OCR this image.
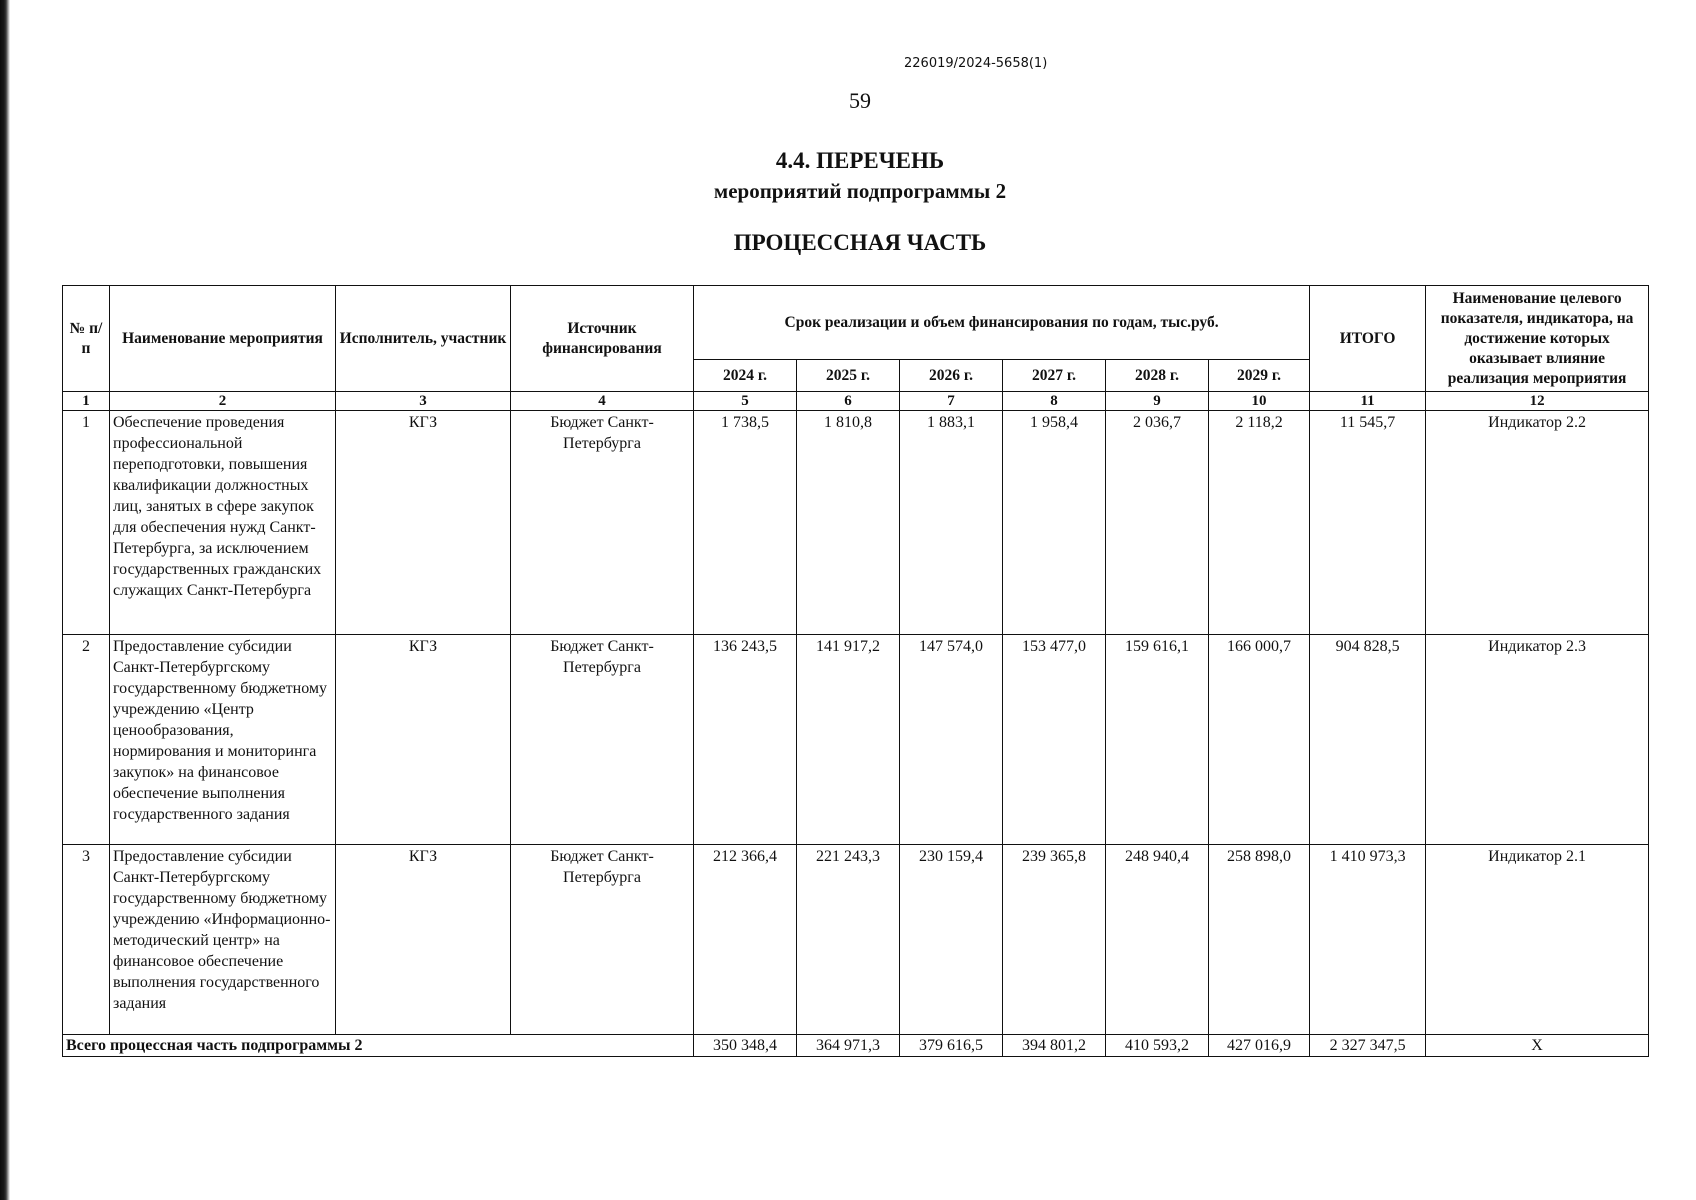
226019/2024-5658(1)
59
4.4. ПЕРЕЧЕНЬ
мероприятий подпрограммы 2
ПРОЦЕССНАЯ ЧАСТЬ
№ п/п	Наименование мероприятия	Исполнитель, участник	Источник финансирования	Срок реализации и объем финансирования по годам, тыс.руб.						ИТОГО	Наименование целевого показателя, индикатора, на достижение которых оказывает влияние реализация мероприятия
				2024 г.	2025 г.	2026 г.	2027 г.	2028 г.	2029 г.		
1	2	3	4	5	6	7	8	9	10	11	12
1	Обеспечение проведения профессиональной переподготовки, повышения квалификации должностных лиц, занятых в сфере закупок для обеспечения нужд Санкт-Петербурга, за исключением государственных гражданских служащих Санкт-Петербурга	КГЗ	Бюджет Санкт-Петербурга	1 738,5	1 810,8	1 883,1	1 958,4	2 036,7	2 118,2	11 545,7	Индикатор 2.2
2	Предоставление субсидии Санкт-Петербургскому государственному бюджетному учреждению «Центр ценообразования, нормирования и мониторинга закупок» на финансовое обеспечение выполнения государственного задания	КГЗ	Бюджет Санкт-Петербурга	136 243,5	141 917,2	147 574,0	153 477,0	159 616,1	166 000,7	904 828,5	Индикатор 2.3
3	Предоставление субсидии Санкт-Петербургскому государственному бюджетному учреждению «Информационно-методический центр» на финансовое обеспечение выполнения государственного задания	КГЗ	Бюджет Санкт-Петербурга	212 366,4	221 243,3	230 159,4	239 365,8	248 940,4	258 898,0	1 410 973,3	Индикатор 2.1
Всего процессная часть подпрограммы 2				350 348,4	364 971,3	379 616,5	394 801,2	410 593,2	427 016,9	2 327 347,5	X
